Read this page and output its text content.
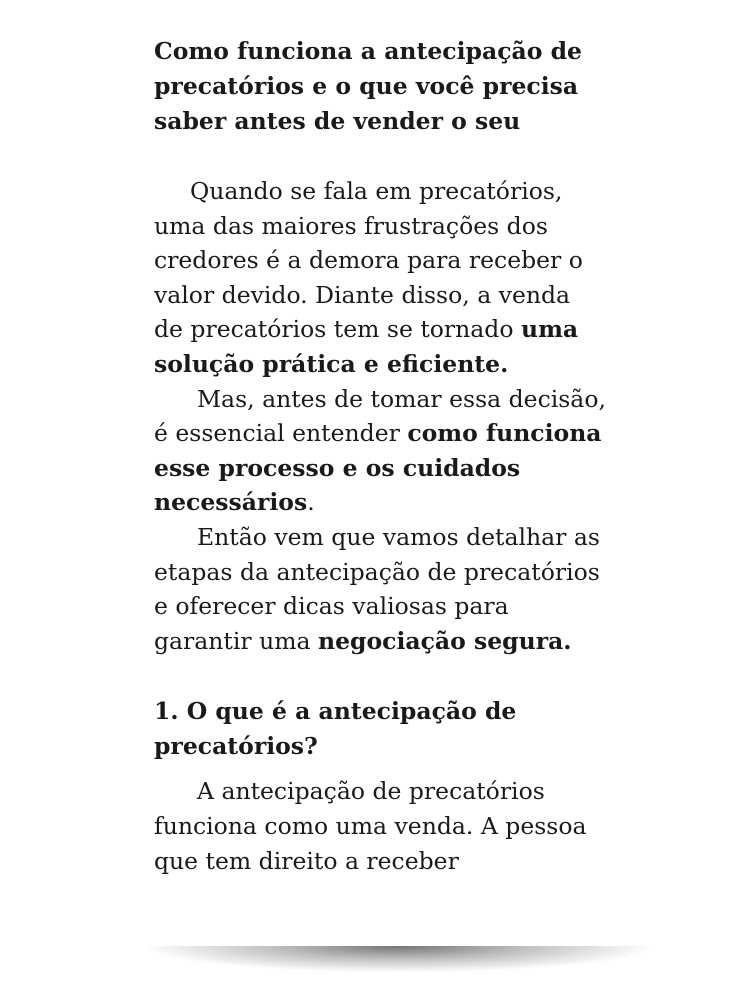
Como funciona a antecipação de precatórios e o que você precisa saber antes de vender o seu

Quando se fala em precatórios, uma das maiores frustrações dos credores é a demora para receber o valor devido. Diante disso, a venda de precatórios tem se tornado uma solução prática e eficiente.

Mas, antes de tomar essa decisão, é essencial entender como funciona esse processo e os cuidados necessários.

Então vem que vamos detalhar as etapas da antecipação de precatórios e oferecer dicas valiosas para garantir uma negociação segura.

1. O que é a antecipação de precatórios?

A antecipação de precatórios funciona como uma venda. A pessoa que tem direito a receber
